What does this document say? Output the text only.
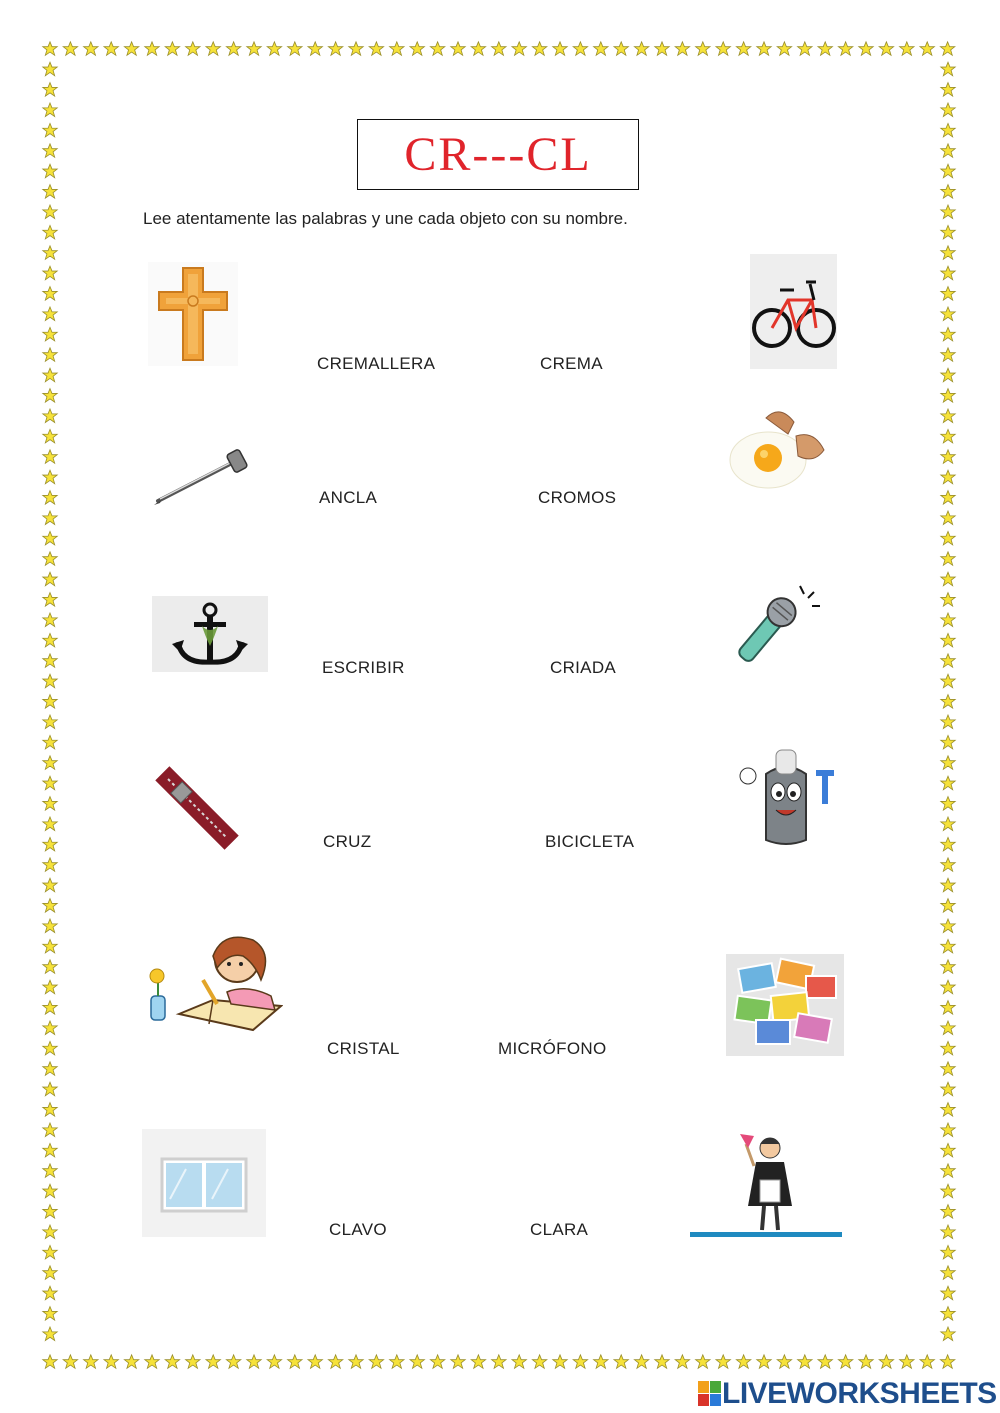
CR---CL
Lee atentamente las palabras y une cada objeto con su nombre.
CREMALLERA	CREMA
ANCLA	CROMOS
ESCRIBIR	CRIADA
CRUZ	BICICLETA
CRISTAL	MICRÓFONO
CLAVO	CLARA
LIVEWORKSHEETS
